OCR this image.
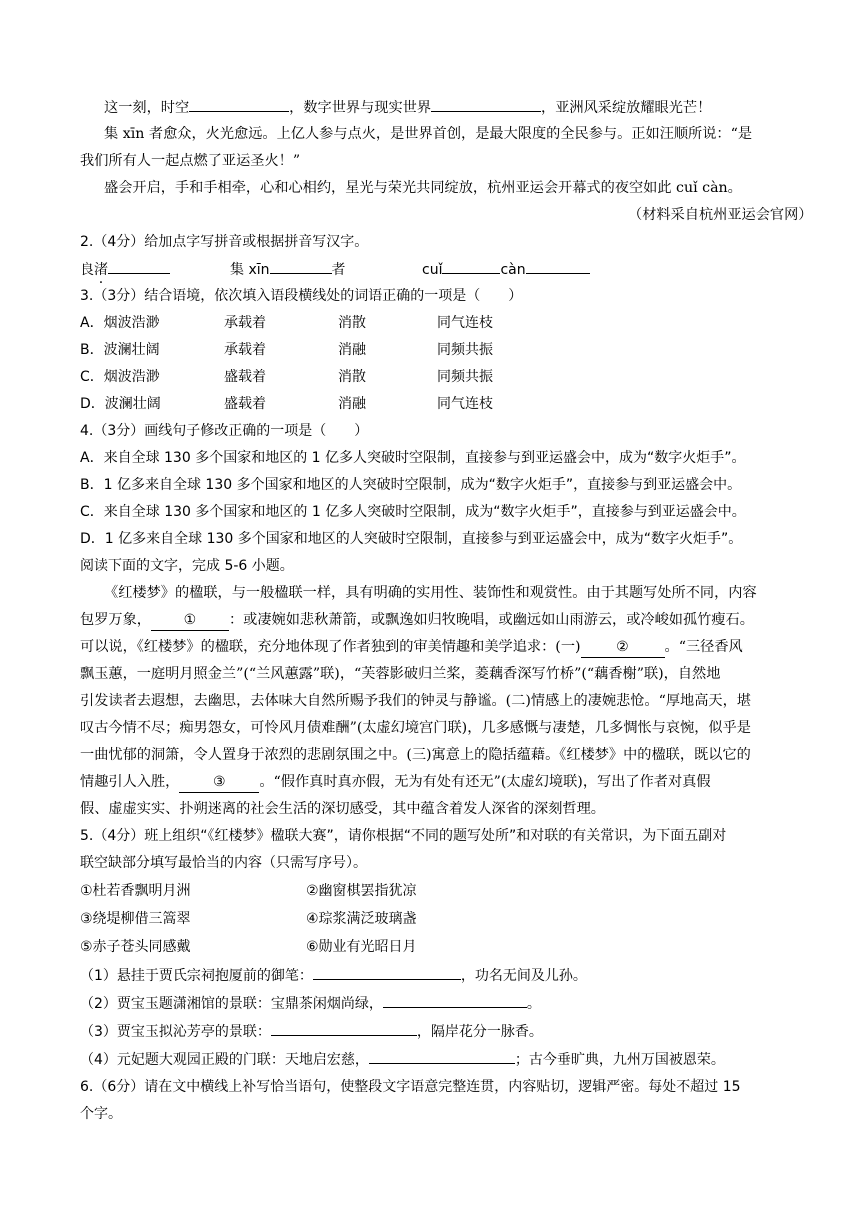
这一刻，时空	，数字世界与现实世界	，亚洲风采绽放耀眼光芒！
集 xīn 者愈众，火光愈远。上亿人参与点火，是世界首创，是最大限度的全民参与。正如汪顺所说：“是
我们所有人一起点燃了亚运圣火！”
盛会开启，手和手相牵，心和心相约，星光与荣光共同绽放，杭州亚运会开幕式的夜空如此 cuǐ càn。
（材料采自杭州亚运会官网）
2.（4分）给加点字写拼音或根据拼音写汉字。
良渚	集 xīn	者	cuǐ	càn
3.（3分）结合语境，依次填入语段横线处的词语正确的一项是（　　）
A．烟波浩渺	承载着	消散	同气连枝
B．波澜壮阔	承载着	消融	同频共振
C．烟波浩渺	盛载着	消散	同频共振
D．波澜壮阔	盛载着	消融	同气连枝
4.（3分）画线句子修改正确的一项是（　　）
A．来自全球 130 多个国家和地区的 1 亿多人突破时空限制，直接参与到亚运盛会中，成为“数字火炬手”。
B．1 亿多来自全球 130 多个国家和地区的人突破时空限制，成为“数字火炬手”，直接参与到亚运盛会中。
C．来自全球 130 多个国家和地区的 1 亿多人突破时空限制，成为“数字火炬手”，直接参与到亚运盛会中。
D．1 亿多来自全球 130 多个国家和地区的人突破时空限制，直接参与到亚运盛会中，成为“数字火炬手”。
阅读下面的文字，完成 5-6 小题。
《红楼梦》的楹联，与一般楹联一样，具有明确的实用性、装饰性和观赏性。由于其题写处所不同，内容
包罗万象， ① ：或凄婉如悲秋萧箭，或飘逸如归牧晚唱，或幽远如山雨游云，或冷峻如孤竹瘦石。
可以说，《红楼梦》的楹联，充分地体现了作者独到的审美情趣和美学追求：(一)	②	。“三径香风
飘玉蕙，一庭明月照金兰”(“兰风蕙露”联)，“芙蓉影破归兰桨，菱藕香深写竹桥”(“藕香榭”联)，自然地
引发读者去遐想，去幽思，去体味大自然所赐予我们的钟灵与静谧。(二)情感上的凄婉悲怆。“厚地高天，堪
叹古今情不尽；痴男怨女，可怜风月债难酬”(太虚幻境宫门联)，几多感慨与凄楚，几多惆怅与哀惋，似乎是
一曲忧郁的洞箫，令人置身于浓烈的悲剧氛围之中。(三)寓意上的隐括蕴藉。《红楼梦》中的楹联，既以它的
情趣引人入胜， ③ 。“假作真时真亦假，无为有处有还无”(太虚幻境联)，写出了作者对真假
假、虚虚实实、扑朔迷离的社会生活的深切感受，其中蕴含着发人深省的深刻哲理。
5.（4分）班上组织“《红楼梦》楹联大赛”，请你根据“不同的题写处所”和对联的有关常识，为下面五副对
联空缺部分填写最恰当的内容（只需写序号）。
①杜若香飘明月洲	②幽窗棋罢指犹凉
③绕堤柳借三篙翠	④琮浆满泛玻璃盏
⑤赤子苍头同感戴	⑥勋业有光昭日月
（1）悬挂于贾氏宗祠抱厦前的御笔：	，功名无间及儿孙。
（2）贾宝玉题潇湘馆的景联：宝鼎茶闲烟尚绿，	。
（3）贾宝玉拟沁芳亭的景联：	，隔岸花分一脉香。
（4）元妃题大观园正殿的门联：天地启宏慈，	；古今垂旷典，九州万国被恩荣。
6.（6分）请在文中横线上补写恰当语句，使整段文字语意完整连贯，内容贴切，逻辑严密。每处不超过 15
个字。
